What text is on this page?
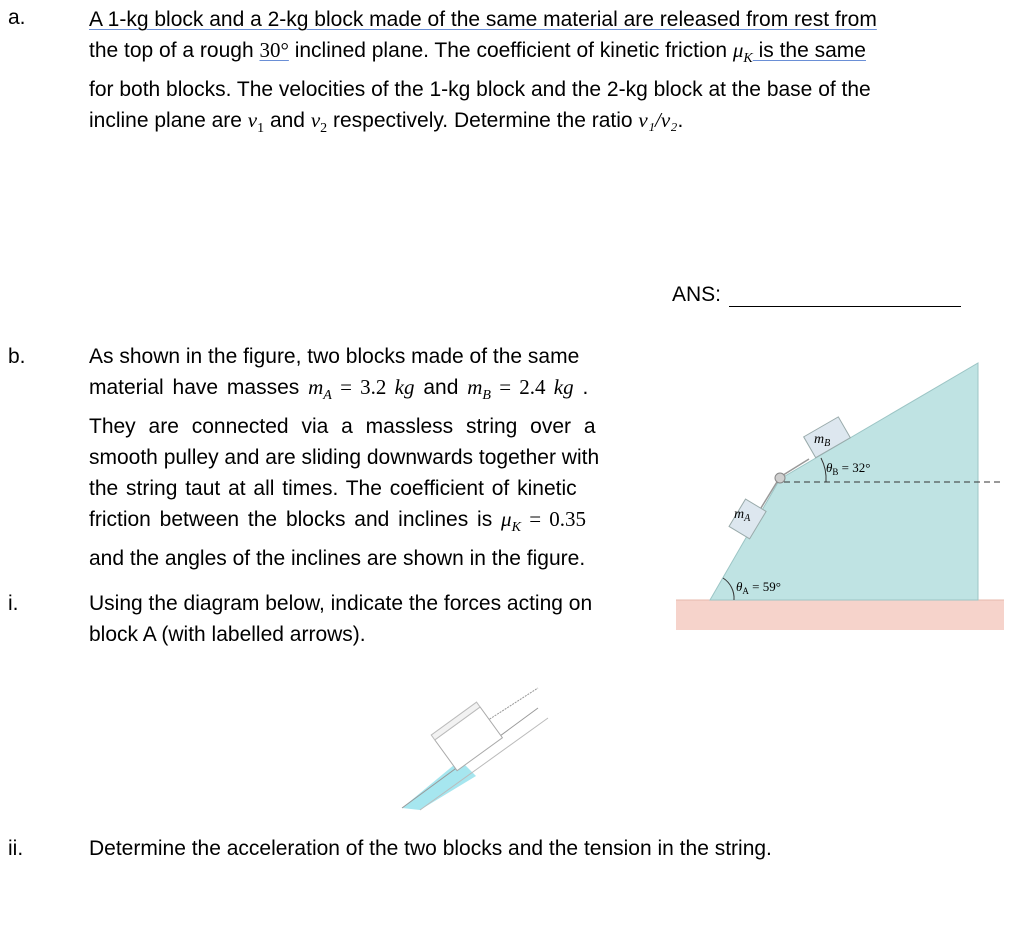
a.	A 1-kg block and a 2-kg block made of the same material are released from rest from
the top of a rough 30° inclined plane. The coefficient of kinetic friction $\mu_K$ is the same
for both blocks. The velocities of the 1-kg block and the 2-kg block at the base of the
incline plane are $v_1$ and $v_2$ respectively. Determine the ratio v₁/v₂.
ANS:
b.	As shown in the figure, two blocks made of the same
material have masses $m_A = 3.2$ kg and $m_B = 2.4$ kg .
They are connected via a massless string over a
smooth pulley and are sliding downwards together with
the string taut at all times. The coefficient of kinetic
friction between the blocks and inclines is $\mu_K = 0.35$
and the angles of the inclines are shown in the figure.
$m_B$
$m_A$
$\theta_B = 32^\circ$
$\theta_A = 59^\circ$
i.	Using the diagram below, indicate the forces acting on
block A (with labelled arrows).
ii.	Determine the acceleration of the two blocks and the tension in the string.
